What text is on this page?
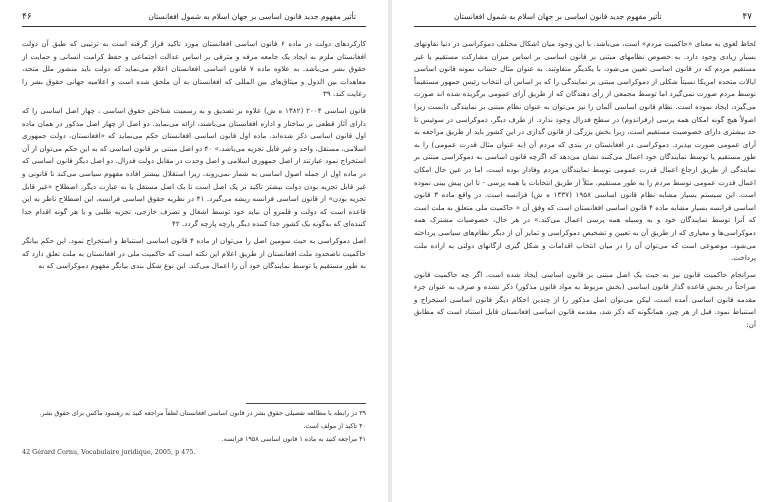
۴۶	تأثیر مفهوم جدید قانون اساسی بر جهان اسلام به شمول افغانستان

کارکردهای دولت در ماده ۶ قانون اساسی افغانستان مورد تاکید قرار گرفته است به ترتیبی که طبق آن دولت افغانستان ملزم به ایجاد یک جامعه مرفه و مترقی بر اساس عدالت اجتماعی و حفظ کرامت انسانی و حمایت از حقوق بشر می‌باشد. به علاوه ماده ۷ قانون اساسی افغانستان اعلام می‌نماید که دولت باید منشور ملل متحد، معاهدات بین الدول و میثاق‌های بین المللی که افغانستان به آن ملحق شده است و اعلامیه جهانی حقوق بشر را رعایت کند. ۳۹

قانون اساسی ۲۰۰۴ (۱۳۸۲ ه ش) علاوه بر تصدیق و به رسمیت شناختن حقوق اساسی ، چهار اصل اساسی را که دارای آثار قطعی بر ساختار و اداره افغانستان می‌باشند، ارائه می‌نماید. دو اصل از چهار اصل مذکور در همان ماده اول قانون اساسی ذکر شده‌اند. ماده اول قانون اساسی افغانستان حکم می‌نماید که «افغانستان، دولت جمهوری اسلامی، مستقل، واحد و غیر قابل تجزیه می‌باشد.» ۴۰ دو اصل مبتنی بر قانون اساسی که به این حکم می‌توان از آن استخراج نمود عبارتند از اصل جمهوری اسلامی و اصل وحدت در مقابل دولت فدرال. دو اصل دیگر قانون اساسی که در ماده اول از جمله اصول اساسی به شمار نمی‌روند، زیرا استقلال بیشتر افاده مفهوم سیاسی می‌کند تا قانونی و غیر قابل تجزیه بودن دولت بیشتر تاکید بر یک اصل است تا یک اصل مستقل یا به عبارت دیگر، اصطلاح «غیر قابل تجزیه بودن» از قانون اساسی فرانسه ریشه می‌گیرد. ۴۱ در نظریه حقوق اساسی فرانسه، این اصطلاح ناظر به این قاعده است که دولت و قلمرو آن نباید خود توسط اشغال و تصرف خارجی، تجزیه طلبی و یا هر گونه اقدام جدا کننده‌ای که به‌گونه یک کشور جدا کننده دیگر پارچه پارچه گردد. ۴۲

اصل دموکراسی به حیث سومین اصل را می‌توان از ماده ۴ قانون اساسی استنباط و استخراج نمود. این حکم بیانگر حاکمیت ناصحدود ملت افغانستان از طریق اعلام این نکته است که حاکمیت ملی در افغانستان به ملت تعلق دارد که به طور مستقیم یا توسط نمایندگان خود آن را اعمال می‌کند. این نوع شکل بندی بیانگر مفهوم دموکراسی که به

۳۹ در رابطه با مطالعه تفصیلی حقوق بشر در قانون اساسی افغانستان لطفاً مراجعه کنید به رهنمود ماکس برای حقوق بشر.
۴۰ تاکید از مولف است.
۴۱ مراجعه کنید به ماده ۱ قانون اساسی ۱۹۵۸ فرانسه.
42 Gérard Cornu, Vocabulaire juridique, 2005, p 475.
تأثیر مفهوم جدید قانون اساسی بر جهان اسلام به شمول افغانستان	۴۷

لحاظ لغوی به معنای «حاکمیت مردم» است، می‌باشد. با این وجود میان اشکال مختلف دموکراسی در دنیا تفاوتهای بسیار زیادی وجود دارد. به خصوص نظامهای مبتنی بر قانون اساسی بر اساس میزان مشارکت مستقیم یا غیر مستقیم مردم که در قانون اساسی تعیین می‌شود، با یکدیگر متفاوتند. به عنوان مثال حساب نمونه قانون اساسی ایالات متحده امریکا نسبتاً شکلی از دموکراسی مبتنی بر نمایندگی را که بر اساس آن انتخاب رئیس جمهور مستقیماً توسط مردم صورت نمی‌گیرد اما توسط مجمعی از رأی دهندگان که از طریق آرای عمومی برگزیده شده اند صورت می‌گیرد، ایجاد نموده است. نظام قانون اساسی آلمان را نیز می‌توان به عنوان نظام مبتنی بر نمایندگی دانست زیرا اصولاً هیچ گونه امکان همه پرسی (رفراندوم) در سطح فدرال وجود ندارد. از طرف دیگر، دموکراسی در سوئیس تا حد بیشتری دارای خصوصیت مستقیم است، زیرا بخش بزرگی از قانون گذاری در این کشور باید از طریق مراجعه به آرای عمومی صورت بپذیرد. دموکراسی در افغانستان در بندی که مردم آن (به عنوان مثال قدرت عمومی) را به طور مستقیم یا توسط نمایندگان خود اعمال می‌کنند نشان می‌دهد که اگرچه قانون اساسی به دموکراسی مبتنی بر نمایندگی از طریق ارجاع اعمال قدرت عمومی توسط نمایندگان مردم وفادار بوده است، اما در عین حال امکان اعمال قدرت عمومی توسط مردم را به طور مستقیم، مثلاً از طریق انتخابات یا همه پرسی - تا این پیش بینی نموده است. این سیستم بسیار مشابه نظام قانون اساسی ۱۹۵۸ (۱۳۳۷ ه ش) فرانسه است. در واقع ماده ۳ قانون اساسی فرانسه بسیار مشابه ماده ۴ قانون اساسی افغانستان است که وفق آن « حاکمیت ملی متعلق به ملت است که آنرا توسط نمایندگان خود و به وسیله همه پرسی اعمال می‌کند.» در هر حال، خصوصیات مشترک همه دموکراسی‌ها و معیاری که از طریق آن به تعیین و تشخیص دموکراسی و تمایز آن از دیگر نظام‌های سیاسی پرداخته می‌شود، موضوعی است که می‌توان آن را در میان انتخاب اقدامات و شکل گیری ارگانهای دولتی به اراده ملت پرداخت.

سرانجام حاکمیت قانون نیز به حیث یک اصل مبتنی بر قانون اساسی ایجاد شده است. اگر چه حاکمیت قانون صراحتاً در بخش قاعده گذار قانون اساسی (بخش مربوط به مواد قانون مذکور) ذکر نشده و صرف به عنوان جزء مقدمه قانون اساسی آمده است، لیکن می‌توان اصل مذکور را از چندین احکام دیگر قانون اساسی استخراج و استنباط نمود. قبل از هر چیز، همانگونه که ذکر شد، مقدمه قانون اساسی افغانستان قابل استناد است که مطابق آن:
